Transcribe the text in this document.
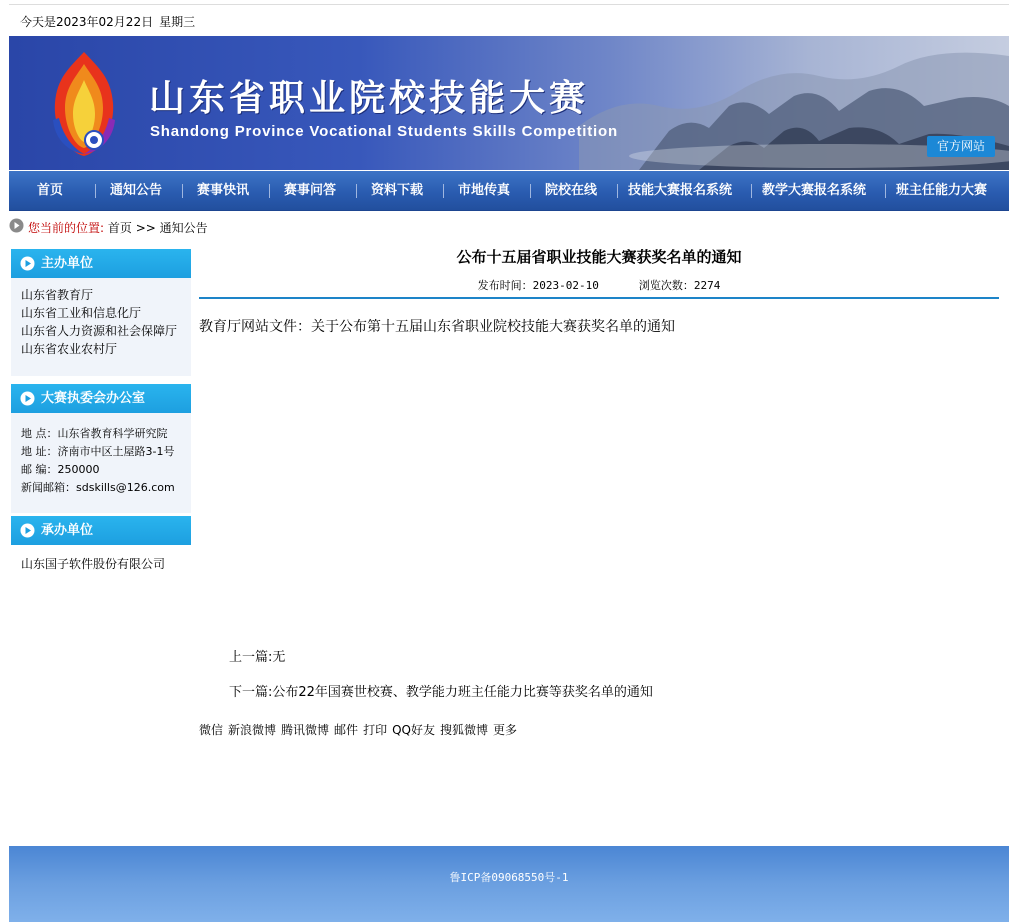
今天是2023年02月22日 星期三
山东省职业院校技能大赛
Shandong Province Vocational Students Skills Competition
官方网站
首页	通知公告	赛事快讯	赛事问答	资料下载	市地传真	院校在线 技能大赛报名系统 教学大赛报名系统 班主任能力大赛
您当前的位置: 首页 >> 通知公告
主办单位
山东省教育厅
山东省工业和信息化厅
山东省人力资源和社会保障厅
山东省农业农村厅
大赛执委会办公室
地 点：山东省教育科学研究院
地 址：济南市中区土屋路3-1号
邮 编：250000
新闻邮箱：sdskills@126.com
承办单位
山东国子软件股份有限公司
公布十五届省职业技能大赛获奖名单的通知
发布时间：2023-02-10	浏览次数：2274
教育厅网站文件：关于公布第十五届山东省职业院校技能大赛获奖名单的通知
上一篇:无
下一篇:公布22年国赛世校赛、教学能力班主任能力比赛等获奖名单的通知
微信 新浪微博 腾讯微博 邮件 打印 QQ好友 搜狐微博 更多
鲁ICP备09068550号-1
